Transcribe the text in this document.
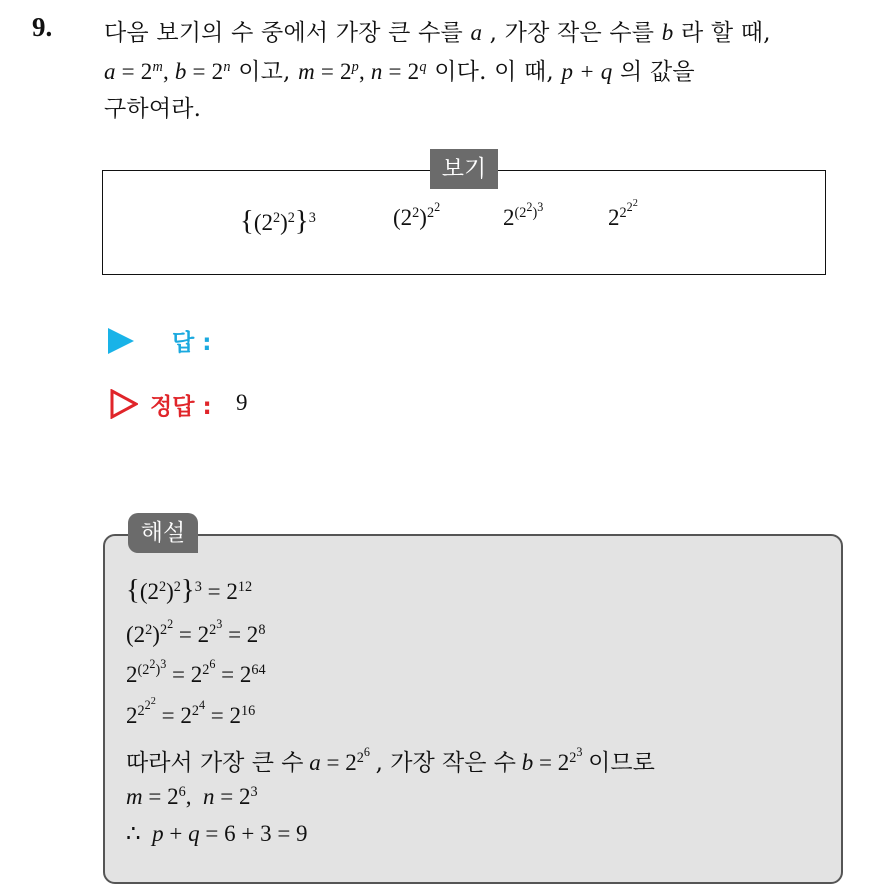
9. 다음 보기의 수 중에서 가장 큰 수를 a , 가장 작은 수를 b 라 할 때,
$a = 2^m$, $b = 2^n$ 이고, $m = 2^p$, $n = 2^q$ 이다. 이 때, p + q 의 값을
구하여라.
보기
$\{(2^2)^2\}^3$	$(2^2)^{2^2}$	$2^{(2^2)^3}$	$2^{2^{2^2}}$
답 :
정답 : 9
해설
$\{(2^2)^2\}^3 = 2^{12}$
$(2^2)^{2^2} = 2^{2^3} = 2^8$
$2^{(2^2)^3} = 2^{2^6} = 2^{64}$
$2^{2^{2^2}} = 2^{2^4} = 2^{16}$
따라서 가장 큰 수 $a = 2^{2^6}$ , 가장 작은 수 $b = 2^{2^3}$ 이므로
$m = 2^6$,  $n = 2^3$
∴ p + q = 6 + 3 = 9
